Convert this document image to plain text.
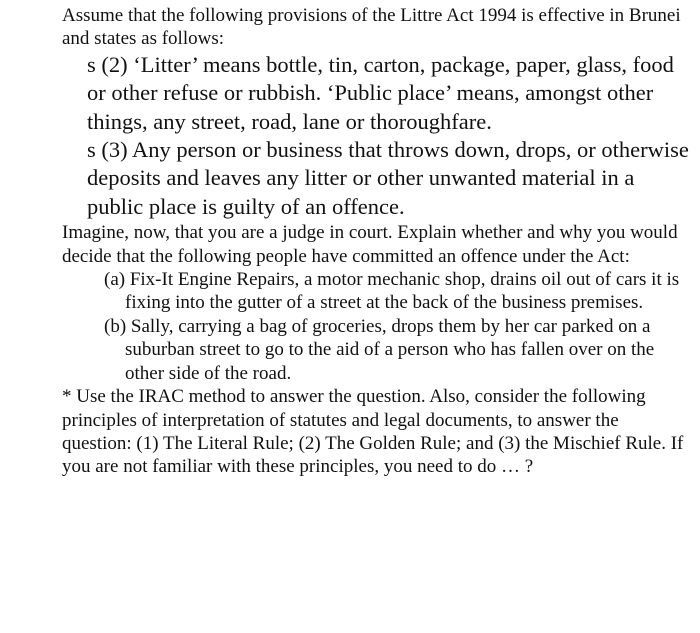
Assume that the following provisions of the Littre Act 1994 is effective in Brunei and states as follows:

s (2) ‘Litter’ means bottle, tin, carton, package, paper, glass, food or other refuse or rubbish. ‘Public place’ means, amongst other things, any street, road, lane or thoroughfare.

s (3) Any person or business that throws down, drops, or otherwise deposits and leaves any litter or other unwanted material in a public place is guilty of an offence.

Imagine, now, that you are a judge in court. Explain whether and why you would decide that the following people have committed an offence under the Act:

(a) Fix-It Engine Repairs, a motor mechanic shop, drains oil out of cars it is fixing into the gutter of a street at the back of the business premises.

(b) Sally, carrying a bag of groceries, drops them by her car parked on a suburban street to go to the aid of a person who has fallen over on the other side of the road.

* Use the IRAC method to answer the question. Also, consider the following principles of interpretation of statutes and legal documents, to answer the question: (1) The Literal Rule; (2) The Golden Rule; and (3) the Mischief Rule. If you are not familiar with these principles, you need to do … ?
